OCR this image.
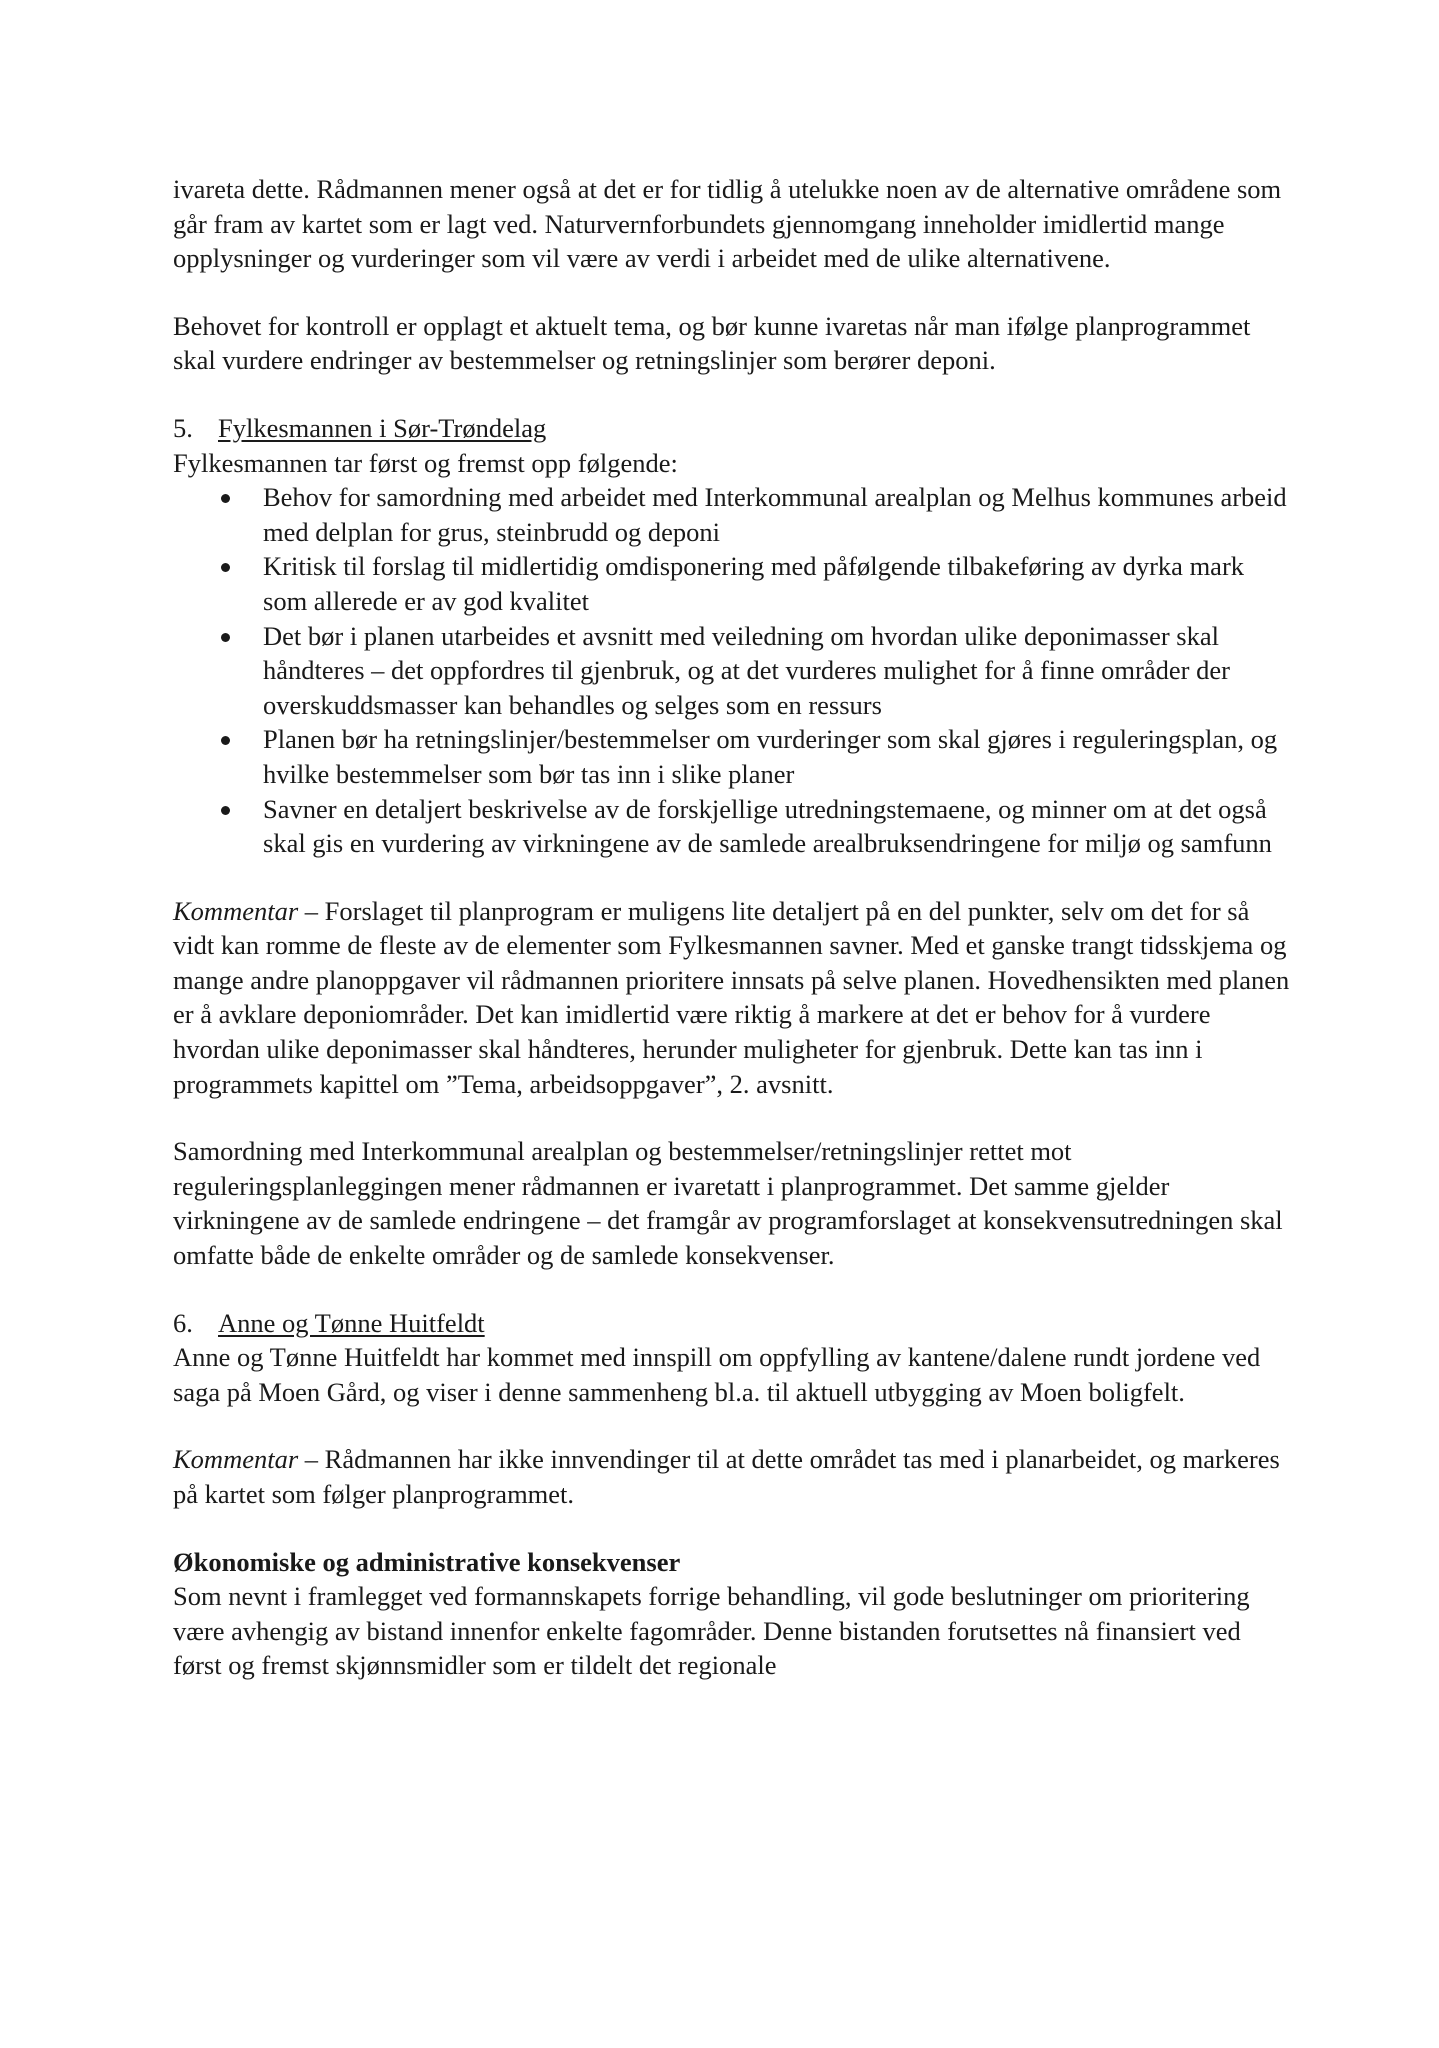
ivareta dette. Rådmannen mener også at det er for tidlig å utelukke noen av de alternative områdene som går fram av kartet som er lagt ved. Naturvernforbundets gjennomgang inneholder imidlertid mange opplysninger og vurderinger som vil være av verdi i arbeidet med de ulike alternativene.

Behovet for kontroll er opplagt et aktuelt tema, og bør kunne ivaretas når man ifølge planprogrammet skal vurdere endringer av bestemmelser og retningslinjer som berører deponi.

5. Fylkesmannen i Sør-Trøndelag

Fylkesmannen tar først og fremst opp følgende:

Behov for samordning med arbeidet med Interkommunal arealplan og Melhus kommunes arbeid med delplan for grus, steinbrudd og deponi
Kritisk til forslag til midlertidig omdisponering med påfølgende tilbakeføring av dyrka mark som allerede er av god kvalitet
Det bør i planen utarbeides et avsnitt med veiledning om hvordan ulike deponimasser skal håndteres – det oppfordres til gjenbruk, og at det vurderes mulighet for å finne områder der overskuddsmasser kan behandles og selges som en ressurs
Planen bør ha retningslinjer/bestemmelser om vurderinger som skal gjøres i reguleringsplan, og hvilke bestemmelser som bør tas inn i slike planer
Savner en detaljert beskrivelse av de forskjellige utredningstemaene, og minner om at det også skal gis en vurdering av virkningene av de samlede arealbruksendringene for miljø og samfunn

Kommentar – Forslaget til planprogram er muligens lite detaljert på en del punkter, selv om det for så vidt kan romme de fleste av de elementer som Fylkesmannen savner. Med et ganske trangt tidsskjema og mange andre planoppgaver vil rådmannen prioritere innsats på selve planen. Hovedhensikten med planen er å avklare deponiområder. Det kan imidlertid være riktig å markere at det er behov for å vurdere hvordan ulike deponimasser skal håndteres, herunder muligheter for gjenbruk. Dette kan tas inn i programmets kapittel om ”Tema, arbeidsoppgaver”, 2. avsnitt.

Samordning med Interkommunal arealplan og bestemmelser/retningslinjer rettet mot reguleringsplanleggingen mener rådmannen er ivaretatt i planprogrammet. Det samme gjelder virkningene av de samlede endringene – det framgår av programforslaget at konsekvensutredningen skal omfatte både de enkelte områder og de samlede konsekvenser.

6. Anne og Tønne Huitfeldt

Anne og Tønne Huitfeldt har kommet med innspill om oppfylling av kantene/dalene rundt jordene ved saga på Moen Gård, og viser i denne sammenheng bl.a. til aktuell utbygging av Moen boligfelt.

Kommentar – Rådmannen har ikke innvendinger til at dette området tas med i planarbeidet, og markeres på kartet som følger planprogrammet.

Økonomiske og administrative konsekvenser

Som nevnt i framlegget ved formannskapets forrige behandling, vil gode beslutninger om prioritering være avhengig av bistand innenfor enkelte fagområder. Denne bistanden forutsettes nå finansiert ved først og fremst skjønnsmidler som er tildelt det regionale
